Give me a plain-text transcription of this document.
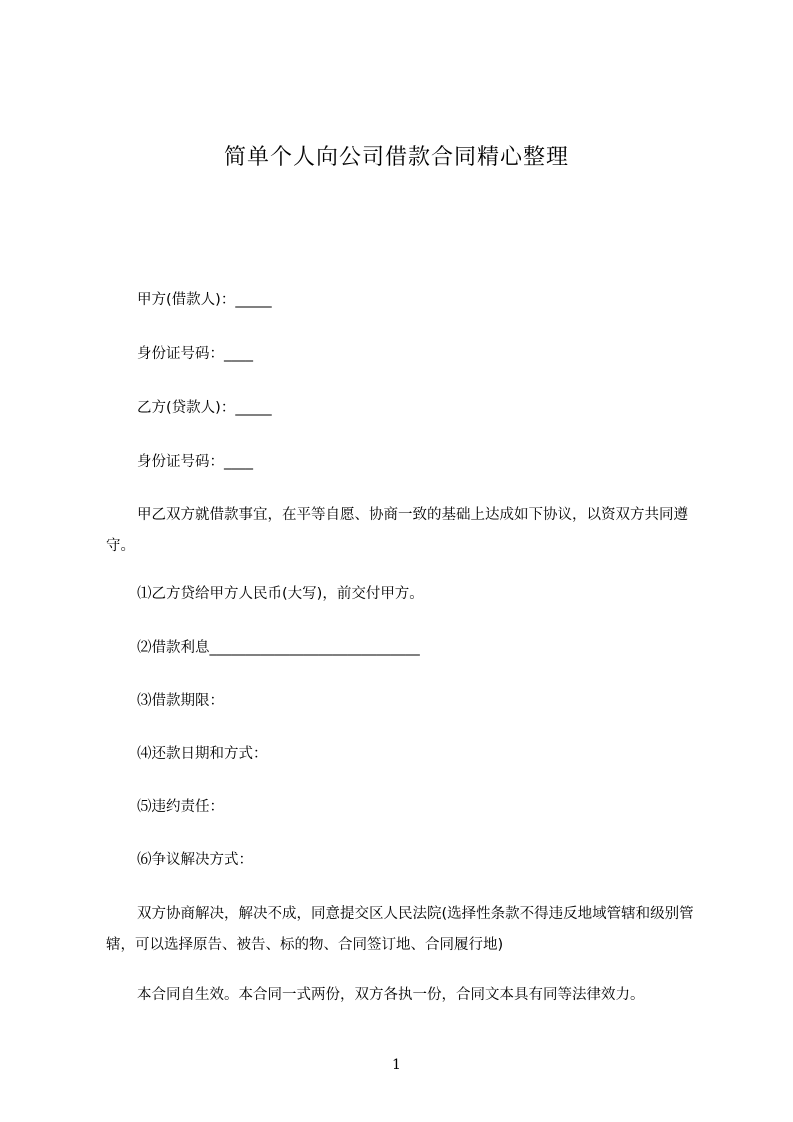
简单个人向公司借款合同精心整理
甲方(借款人)：_____
身份证号码：____
乙方(贷款人)：_____
身份证号码：____
甲乙双方就借款事宜，在平等自愿、协商一致的基础上达成如下协议，以资双方共同遵守。
⑴乙方贷给甲方人民币(大写)，前交付甲方。
⑵借款利息_____________________________
⑶借款期限：
⑷还款日期和方式：
⑸违约责任：
⑹争议解决方式：
双方协商解决，解决不成，同意提交区人民法院(选择性条款不得违反地域管辖和级别管辖，可以选择原告、被告、标的物、合同签订地、合同履行地)
本合同自生效。本合同一式两份，双方各执一份，合同文本具有同等法律效力。
1
